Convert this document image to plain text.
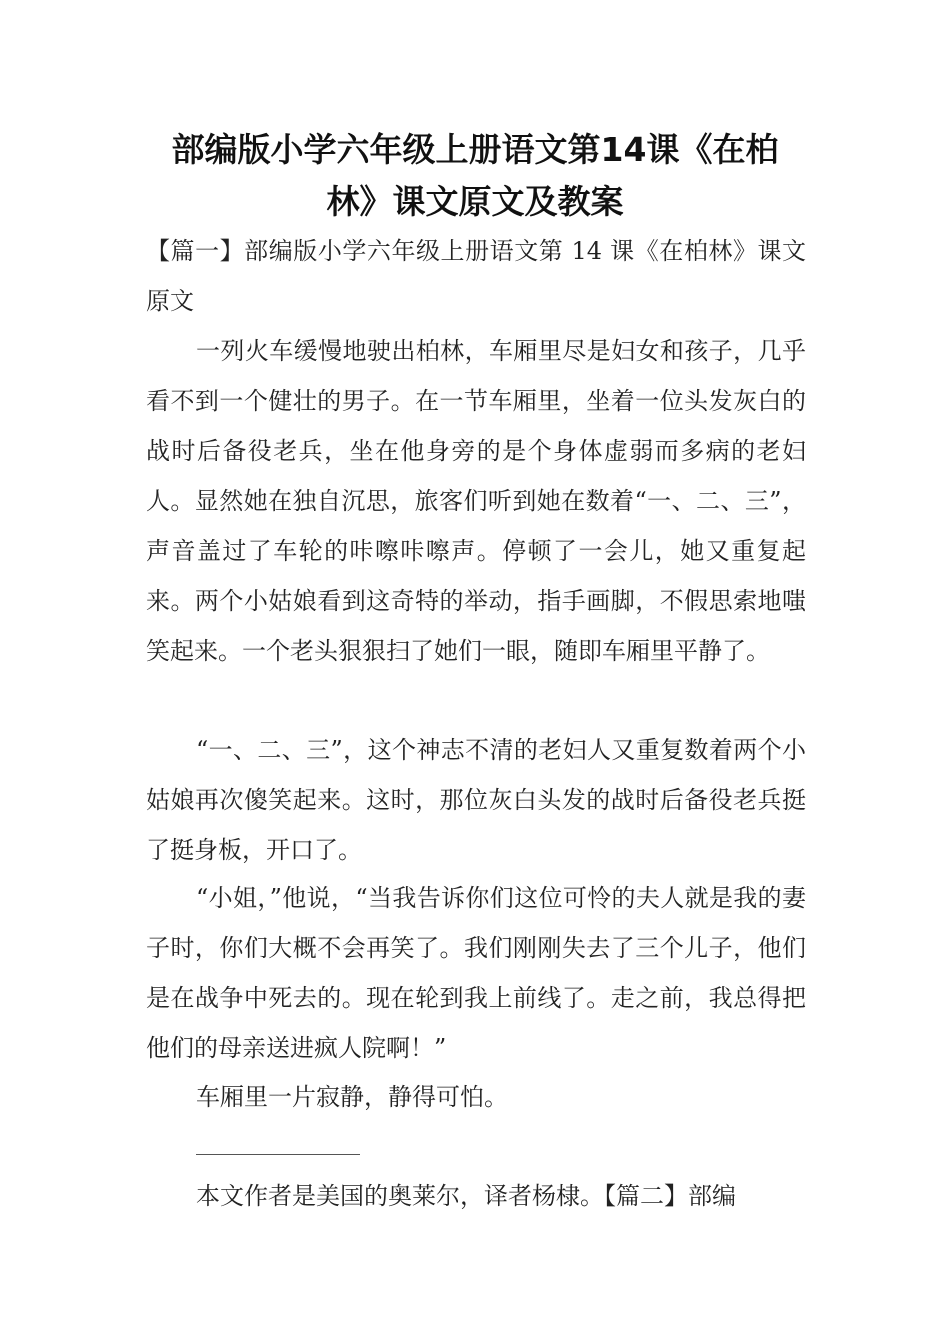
部编版小学六年级上册语文第14课《在柏
林》课文原文及教案

【篇一】部编版小学六年级上册语文第 14 课《在柏林》课文原文

一列火车缓慢地驶出柏林，车厢里尽是妇女和孩子，几乎看不到一个健壮的男子。在一节车厢里，坐着一位头发灰白的战时后备役老兵，坐在他身旁的是个身体虚弱而多病的老妇人。显然她在独自沉思，旅客们听到她在数着“一、二、三”，声音盖过了车轮的咔嚓咔嚓声。停顿了一会儿，她又重复起来。两个小姑娘看到这奇特的举动，指手画脚，不假思索地嗤笑起来。一个老头狠狠扫了她们一眼，随即车厢里平静了。

“一、二、三”，这个神志不清的老妇人又重复数着两个小姑娘再次傻笑起来。这时，那位灰白头发的战时后备役老兵挺了挺身板，开口了。

“小姐，”他说，“当我告诉你们这位可怜的夫人就是我的妻子时，你们大概不会再笑了。我们刚刚失去了三个儿子，他们是在战争中死去的。现在轮到我上前线了。走之前，我总得把他们的母亲送进疯人院啊！”

车厢里一片寂静，静得可怕。

本文作者是美国的奥莱尔，译者杨棣。【篇二】部编
